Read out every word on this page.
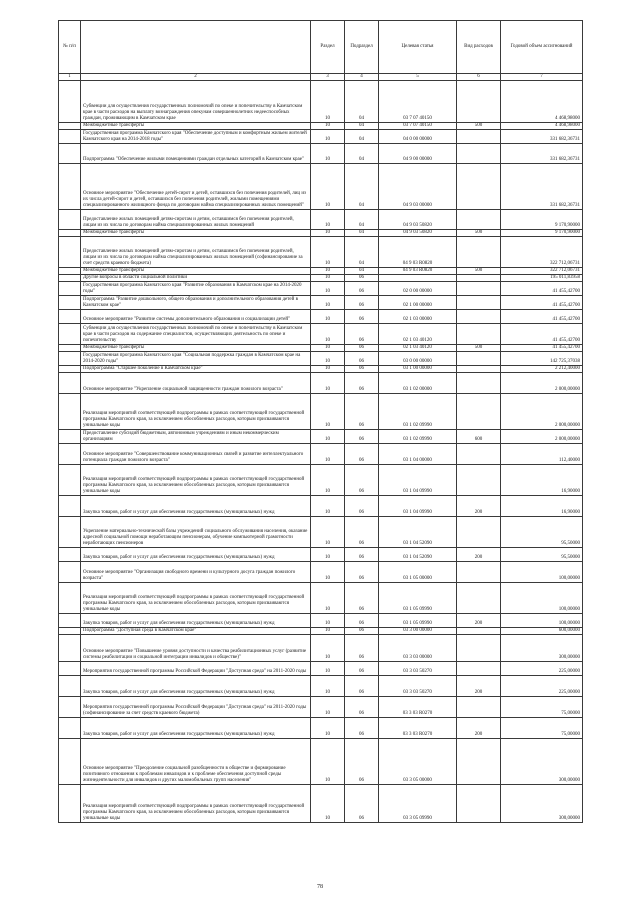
№ п/п		Раздел	Подраздел	Целевая статья	Вид расходов	Годовой объем ассигнований
1	2	3	4	5	6	7
	Субвенции для осуществления государственных полномочий по опеке и попечительству в Камчатском крае в части расходов на выплату вознаграждения опекунам совершеннолетних недееспособных граждан, проживающим в Камчатском крае	10	04	03 7 07 40150		4 468,98000
	Межбюджетные трансферты	10	04	03 7 07 40150	500	4 468,98000
	Государственная программа Камчатского края "Обеспечение доступным и комфортным жильем жителей Камчатского края на 2014-2018 годы"	10	04	04 0 00 00000		331 682,36731
	Подпрограмма "Обеспечение жилыми помещениями граждан отдельных категорий в Камчатском крае"	10	04	04 9 00 00000		331 682,36731
	Основное мероприятие "Обеспечение детей-сирот и детей, оставшихся без попечения родителей, лиц из их числа детей-сирот и детей, оставшихся без попечения родителей, жилыми помещениями специализированного жилищного фонда по договорам найма специализированных жилых помещений"	10	04	04 9 03 00000		331 682,36731
	Предоставление жилых помещений детям-сиротам и детям, оставшимся без попечения родителей, лицам из их числа по договорам найма специализированных жилых помещений	10	04	04 9 03 50820		9 170,90000
	Межбюджетные трансферты	10	04	04 9 03 50820	500	9 170,90000
	Предоставление жилых помещений детям-сиротам и детям, оставшимся без попечения родителей, лицам из их числа по договорам найма специализированных жилых помещений (софинансирование за счет средств краевого бюджета)	10	04	04 9 03 R0820		322 712,06731
	Межбюджетные трансферты	10	04	04 9 03 R0820	500	322 712,06731
	Другие вопросы в области социальной политики	10	06			195 011,83958
	Государственная программа Камчатского края "Развитие образования в Камчатском крае на 2014-2020 годы"	10	06	02 0 00 00000		41 455,42700
	Подпрограмма "Развитие дошкольного, общего образования и дополнительного образования детей в Камчатском крае"	10	06	02 1 00 00000		41 455,42700
	Основное мероприятие "Развитие системы дополнительного образования и социализации детей"	10	06	02 1 03 00000		41 455,42700
	Субвенции для осуществления государственных полномочий по опеке и попечительству в Камчатском крае в части расходов на содержание специалистов, осуществляющих деятельность по опеке и попечительству	10	06	02 1 03 40120		41 455,42700
	Межбюджетные трансферты	10	06	02 1 03 40120	500	41 455,42700
	Государственная программа Камчатского края "Социальная поддержка граждан в Камчатском крае на 2014-2020 годы"	10	06	03 0 00 00000		142 725,37038
	Подпрограмма "Старшее поколение в Камчатском крае"	10	06	03 1 00 00000		2 212,40000
	Основное мероприятие "Укрепление социальной защищенности граждан пожилого возраста"	10	06	03 1 02 00000		2 000,00000
	Реализация мероприятий соответствующей подпрограммы в рамках соответствующей государственной программы Камчатского края, за исключением обособленных расходов, которым присваиваются уникальные коды	10	06	03 1 02 09990		2 000,00000
	Предоставление субсидий бюджетным, автономным учреждениям и иным некоммерческим организациям	10	06	03 1 02 09990	600	2 000,00000
	Основное мероприятие "Совершенствование коммуникационных связей и развитие интеллектуального потенциала граждан пожилого возраста"	10	06	03 1 04 00000		112,40000
	Реализация мероприятий соответствующей подпрограммы в рамках соответствующей государственной программы Камчатского края, за исключением обособленных расходов, которым присваиваются уникальные коды	10	06	03 1 04 09990		16,90000
	Закупка товаров, работ и услуг для обеспечения государственных (муниципальных) нужд	10	06	03 1 04 09990	200	16,90000
	Укрепление материально-технической базы учреждений социального обслуживания населения, оказание адресной социальной помощи неработающим пенсионерам, обучение компьютерной грамотности неработающих пенсионеров	10	06	03 1 04 52090		95,50000
	Закупка товаров, работ и услуг для обеспечения государственных (муниципальных) нужд	10	06	03 1 04 52090	200	95,50000
	Основное мероприятие "Организация свободного времени и культурного досуга граждан пожилого возраста"	10	06	03 1 05 00000		100,00000
	Реализация мероприятий соответствующей подпрограммы в рамках соответствующей государственной программы Камчатского края, за исключением обособленных расходов, которым присваиваются уникальные коды	10	06	03 1 05 09990		100,00000
	Закупка товаров, работ и услуг для обеспечения государственных (муниципальных) нужд	10	06	03 1 05 09990	200	100,00000
	Подпрограмма "Доступная среда в Камчатском крае"	10	06	03 3 00 00000		600,00000
	Основное мероприятие "Повышение уровня доступности и качества реабилитационных услуг (развитие системы реабилитации и социальной интеграции инвалидов и обществе)"	10	06	03 3 03 00000		300,00000
	Мероприятия государственной программы Российской Федерации "Доступная среда" на 2011-2020 годы	10	06	03 3 03 50270		225,00000
	Закупка товаров, работ и услуг для обеспечения государственных (муниципальных) нужд	10	06	03 3 03 50270	200	225,00000
	Мероприятия государственной программы Российской Федерации "Доступная среда" на 2011-2020 годы (софинансирование за счет средств краевого бюджета)	10	06	03 3 03 R0270		75,00000
	Закупка товаров, работ и услуг для обеспечения государственных (муниципальных) нужд	10	06	03 3 03 R0270	200	75,00000
	Основное мероприятие "Преодоление социальной разобщенности в обществе и формирование позитивного отношения к проблемам инвалидов и к проблеме обеспечения доступной среды жизнедеятельности для инвалидов и других маломобильных групп населения"	10	06	03 3 05 00000		300,00000
	Реализация мероприятий соответствующей подпрограммы в рамках соответствующей государственной программы Камчатского края, за исключением обособленных расходов, которым присваиваются уникальные коды	10	06	03 3 05 09990		300,00000
78
